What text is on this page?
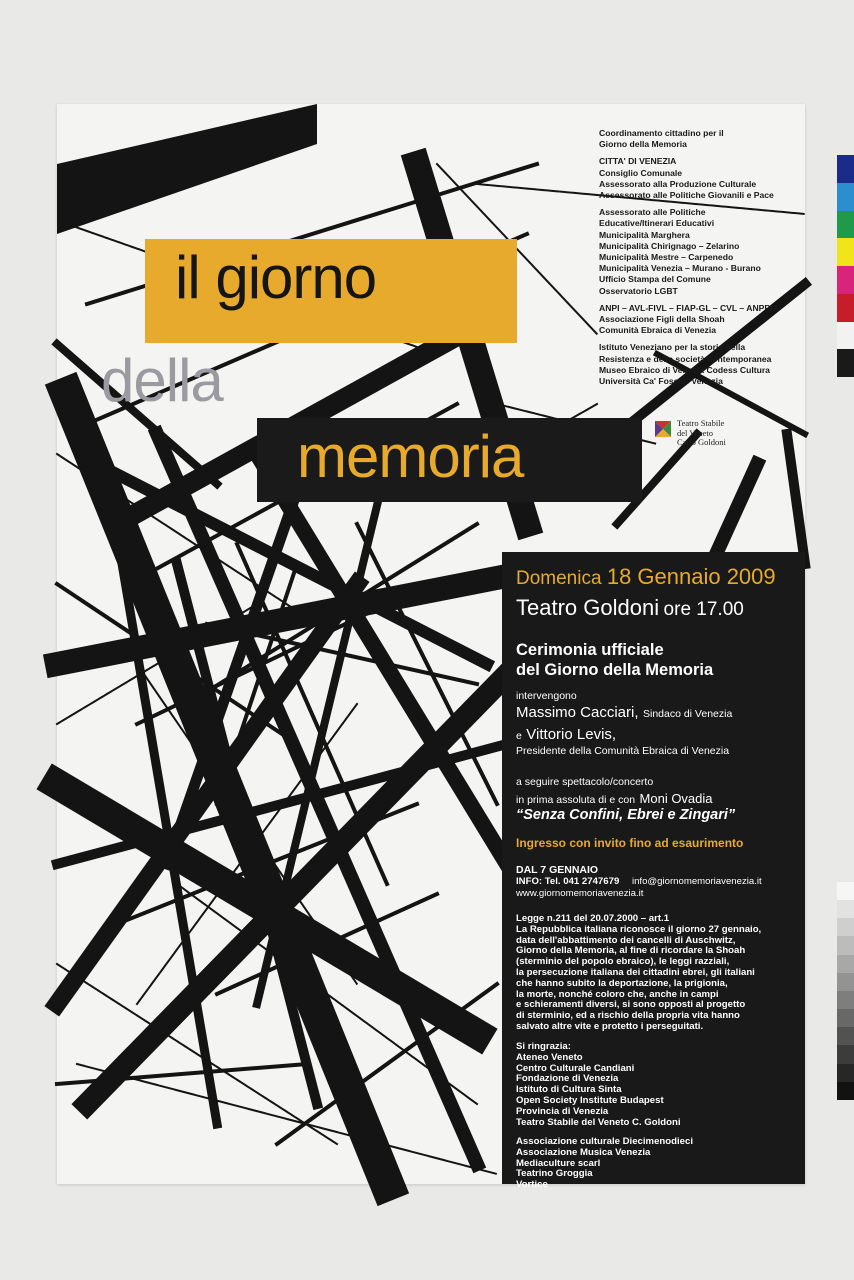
Coordinamento cittadino per il
Giorno della Memoria
CITTA' DI VENEZIA
Consiglio Comunale
Assessorato alla Produzione Culturale
Assessorato alle Politiche Giovanili e Pace
Assessorato alle Politiche
Educative/Itinerari Educativi
Municipalità Marghera
Municipalità Chirignago – Zelarino
Municipalità Mestre – Carpenedo
Municipalità Venezia – Murano - Burano
Ufficio Stampa del Comune
Osservatorio LGBT
ANPI – AVL-FIVL – FIAP-GL – CVL – ANPPIA
Associazione Figli della Shoah
Comunità Ebraica di Venezia
Istituto Veneziano per la storia della
Resistenza e della società contemporanea
Museo Ebraico di Venezia Codess Cultura
Università Ca' Foscari Venezia
Teatro Stabile
del Veneto
Carlo Goldoni
il giorno
della
memoria
Domenica 18 Gennaio 2009
Teatro Goldoni ore 17.00
Cerimonia ufficiale
del Giorno della Memoria
intervengono
Massimo Cacciari, Sindaco di Venezia
e Vittorio Levis,
Presidente della Comunità Ebraica di Venezia
a seguire spettacolo/concerto
in prima assoluta di e con Moni Ovadia
“Senza Confini, Ebrei e Zingari”
Ingresso con invito fino ad esaurimento
DAL 7 GENNAIO
INFO: Tel. 041 2747679 info@giornomemoriavenezia.it
www.giornomemoriavenezia.it
Legge n.211 del 20.07.2000 – art.1
La Repubblica italiana riconosce il giorno 27 gennaio,
data dell'abbattimento dei cancelli di Auschwitz,
Giorno della Memoria, al fine di ricordare la Shoah
(sterminio del popolo ebraico), le leggi razziali,
la persecuzione italiana dei cittadini ebrei, gli italiani
che hanno subito la deportazione, la prigionia,
la morte, nonché coloro che, anche in campi
e schieramenti diversi, si sono opposti al progetto
di sterminio, ed a rischio della propria vita hanno
salvato altre vite e protetto i perseguitati.
Si ringrazia:
Ateneo Veneto
Centro Culturale Candiani
Fondazione di Venezia
Istituto di Cultura Sinta
Open Society Institute Budapest
Provincia di Venezia
Teatro Stabile del Veneto C. Goldoni
Associazione culturale Diecimenodieci
Associazione Musica Venezia
Mediaculture scarl
Teatrino Groggia
Vortice
